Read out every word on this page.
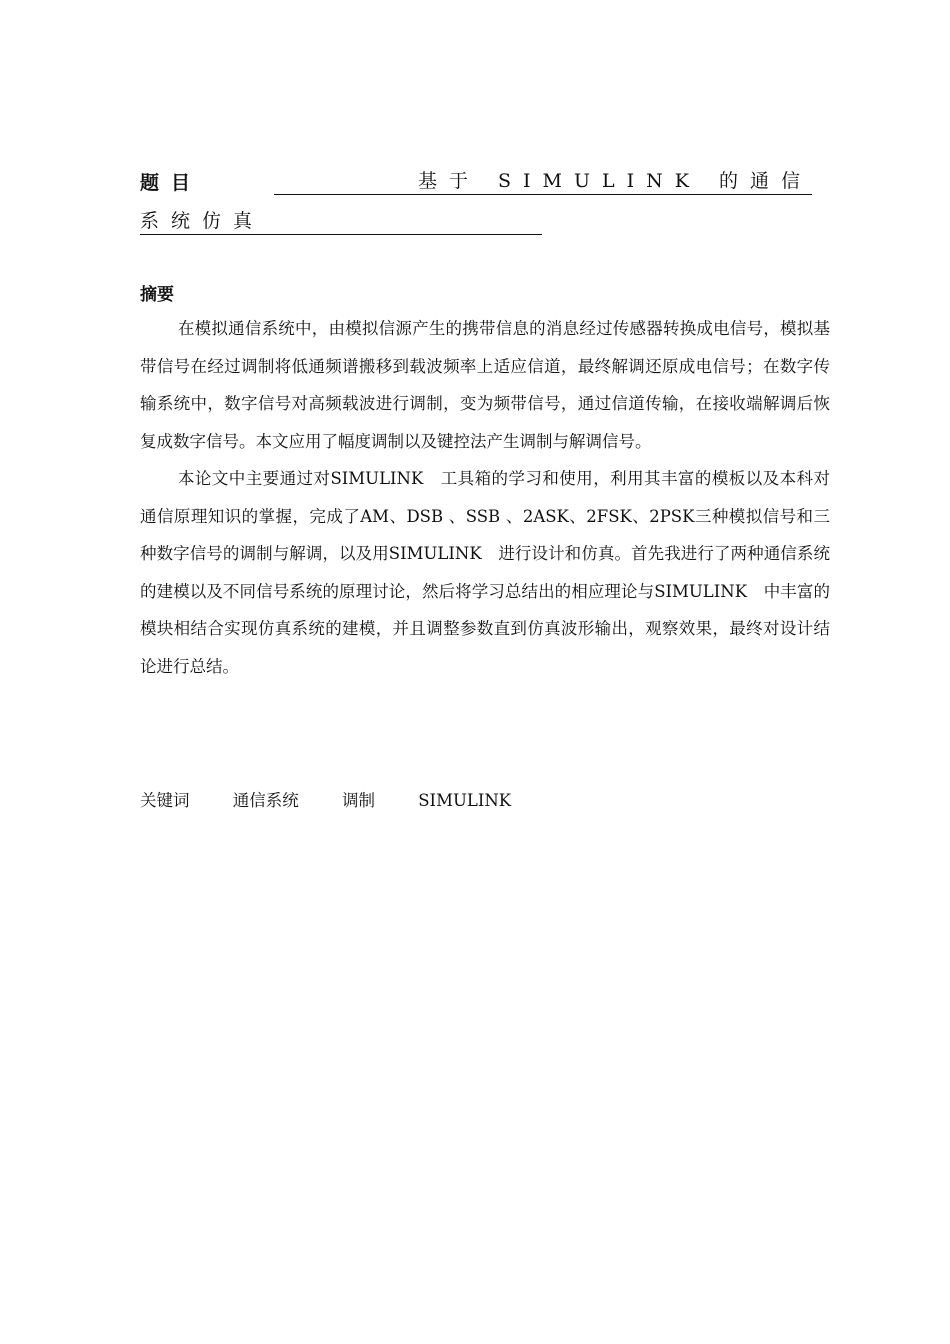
题目	基于 SIMULINK 的通信
系统仿真
摘要

在模拟通信系统中，由模拟信源产生的携带信息的消息经过传感器转换成电信号，模拟基带信号在经过调制将低通频谱搬移到载波频率上适应信道，最终解调还原成电信号；在数字传输系统中，数字信号对高频载波进行调制，变为频带信号，通过信道传输，在接收端解调后恢复成数字信号。本文应用了幅度调制以及键控法产生调制与解调信号。

本论文中主要通过对SIMULINK　工具箱的学习和使用，利用其丰富的模板以及本科对通信原理知识的掌握，完成了AM、DSB 、SSB 、2ASK、2FSK、2PSK三种模拟信号和三种数字信号的调制与解调，以及用SIMULINK　进行设计和仿真。首先我进行了两种通信系统的建模以及不同信号系统的原理讨论，然后将学习总结出的相应理论与SIMULINK　中丰富的模块相结合实现仿真系统的建模，并且调整参数直到仿真波形输出，观察效果，最终对设计结论进行总结。

关键词	通信系统	调制	SIMULINK
